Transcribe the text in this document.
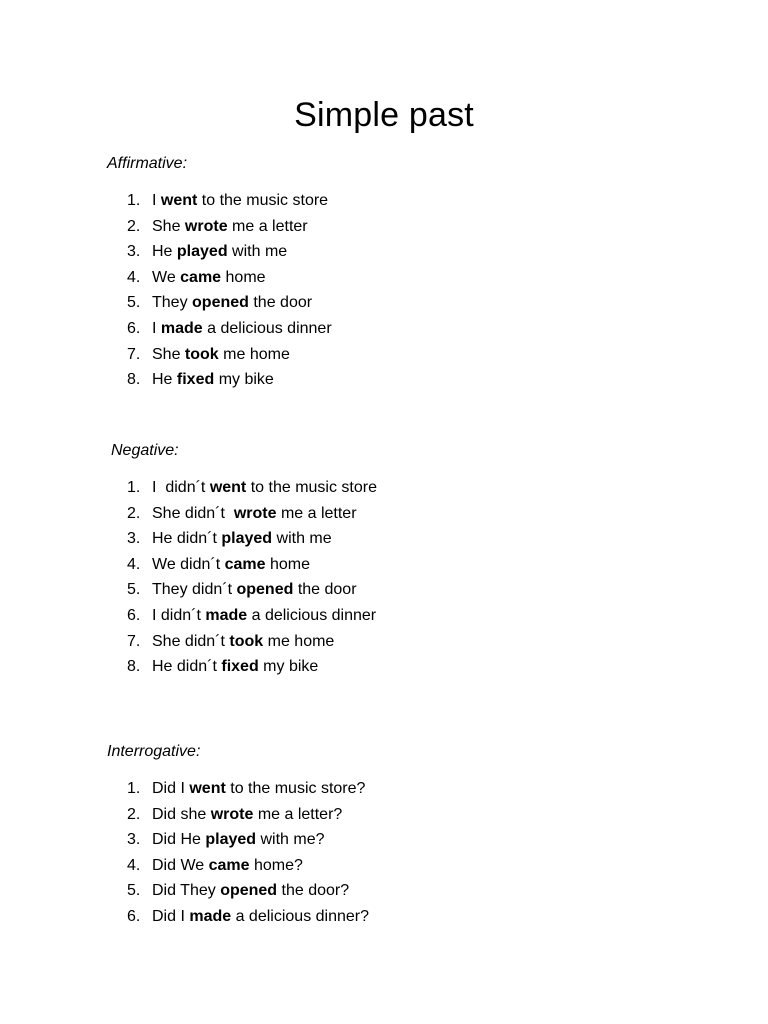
Simple past

Affirmative:

1. I went to the music store
2. She wrote me a letter
3. He played with me
4. We came home
5. They opened the door
6. I made a delicious dinner
7. She took me home
8. He fixed my bike

Negative:

1. I  didn´t went to the music store
2. She didn´t  wrote me a letter
3. He didn´t played with me
4. We didn´t came home
5. They didn´t opened the door
6. I didn´t made a delicious dinner
7. She didn´t took me home
8. He didn´t fixed my bike

Interrogative:

1. Did I went to the music store?
2. Did she wrote me a letter?
3. Did He played with me?
4. Did We came home?
5. Did They opened the door?
6. Did I made a delicious dinner?
